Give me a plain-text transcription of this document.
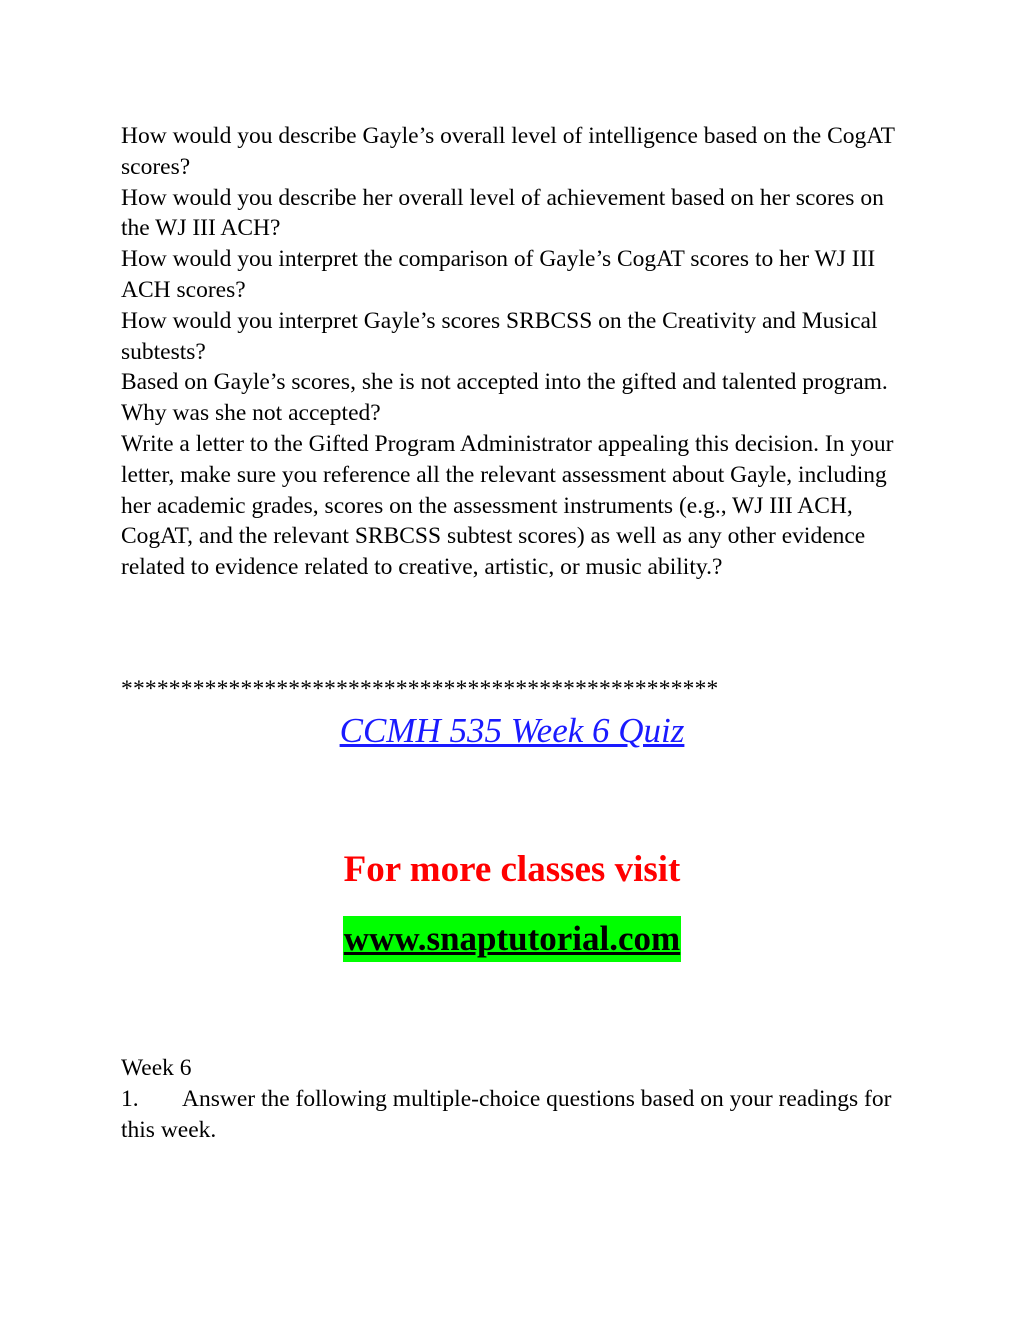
How would you describe Gayle’s overall level of intelligence based on the CogAT scores?

How would you describe her overall level of achievement based on her scores on the WJ III ACH?

How would you interpret the comparison of Gayle’s CogAT scores to her WJ III ACH scores?

How would you interpret Gayle’s scores SRBCSS on the Creativity and Musical subtests?

Based on Gayle’s scores, she is not accepted into the gifted and talented program. Why was she not accepted?

Write a letter to the Gifted Program Administrator appealing this decision. In your letter, make sure you reference all the relevant assessment about Gayle, including her academic grades, scores on the assessment instruments (e.g., WJ III ACH, CogAT, and the relevant SRBCSS subtest scores) as well as any other evidence related to evidence related to creative, artistic, or music ability.?

**************************************************
CCMH 535 Week 6 Quiz
For more classes visit
www.snaptutorial.com

Week 6

1. Answer the following multiple-choice questions based on your readings for this week.
